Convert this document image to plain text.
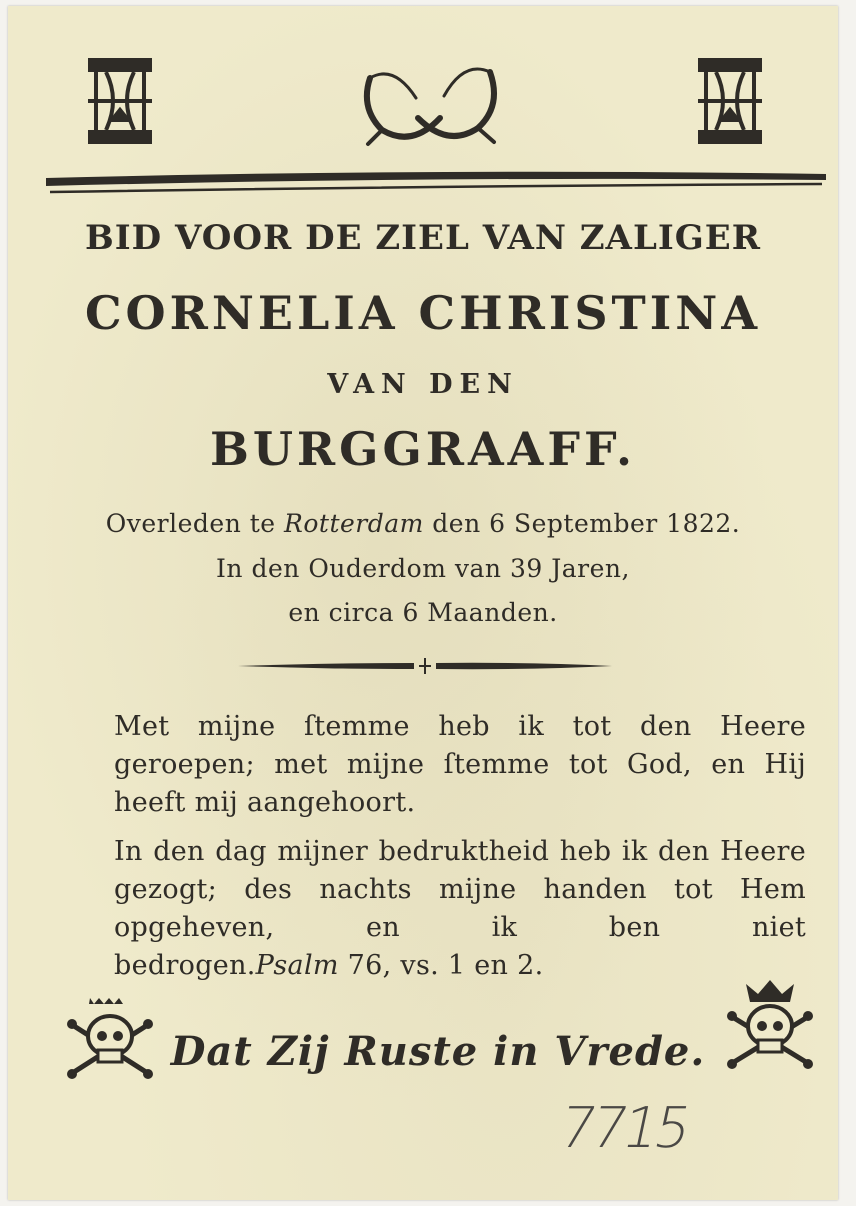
BID VOOR DE ZIEL VAN ZALIGER
CORNELIA CHRISTINA
VAN DEN
BURGGRAAFF.
Overleden te Rotterdam den 6 September 1822.
In den Ouderdom van 39 Jaren,
en circa 6 Maanden.
Met mijne ſtemme heb ik tot den Heere geroepen; met mijne ſtemme tot God, en Hij heeft mij aangehoort.
In den dag mijner bedruktheid heb ik den Heere gezogt; des nachts mijne handen tot Hem opgeheven, en ik ben niet bedrogen.Psalm 76, vs. 1 en 2.
Dat Zij Ruste in Vrede.
7715
